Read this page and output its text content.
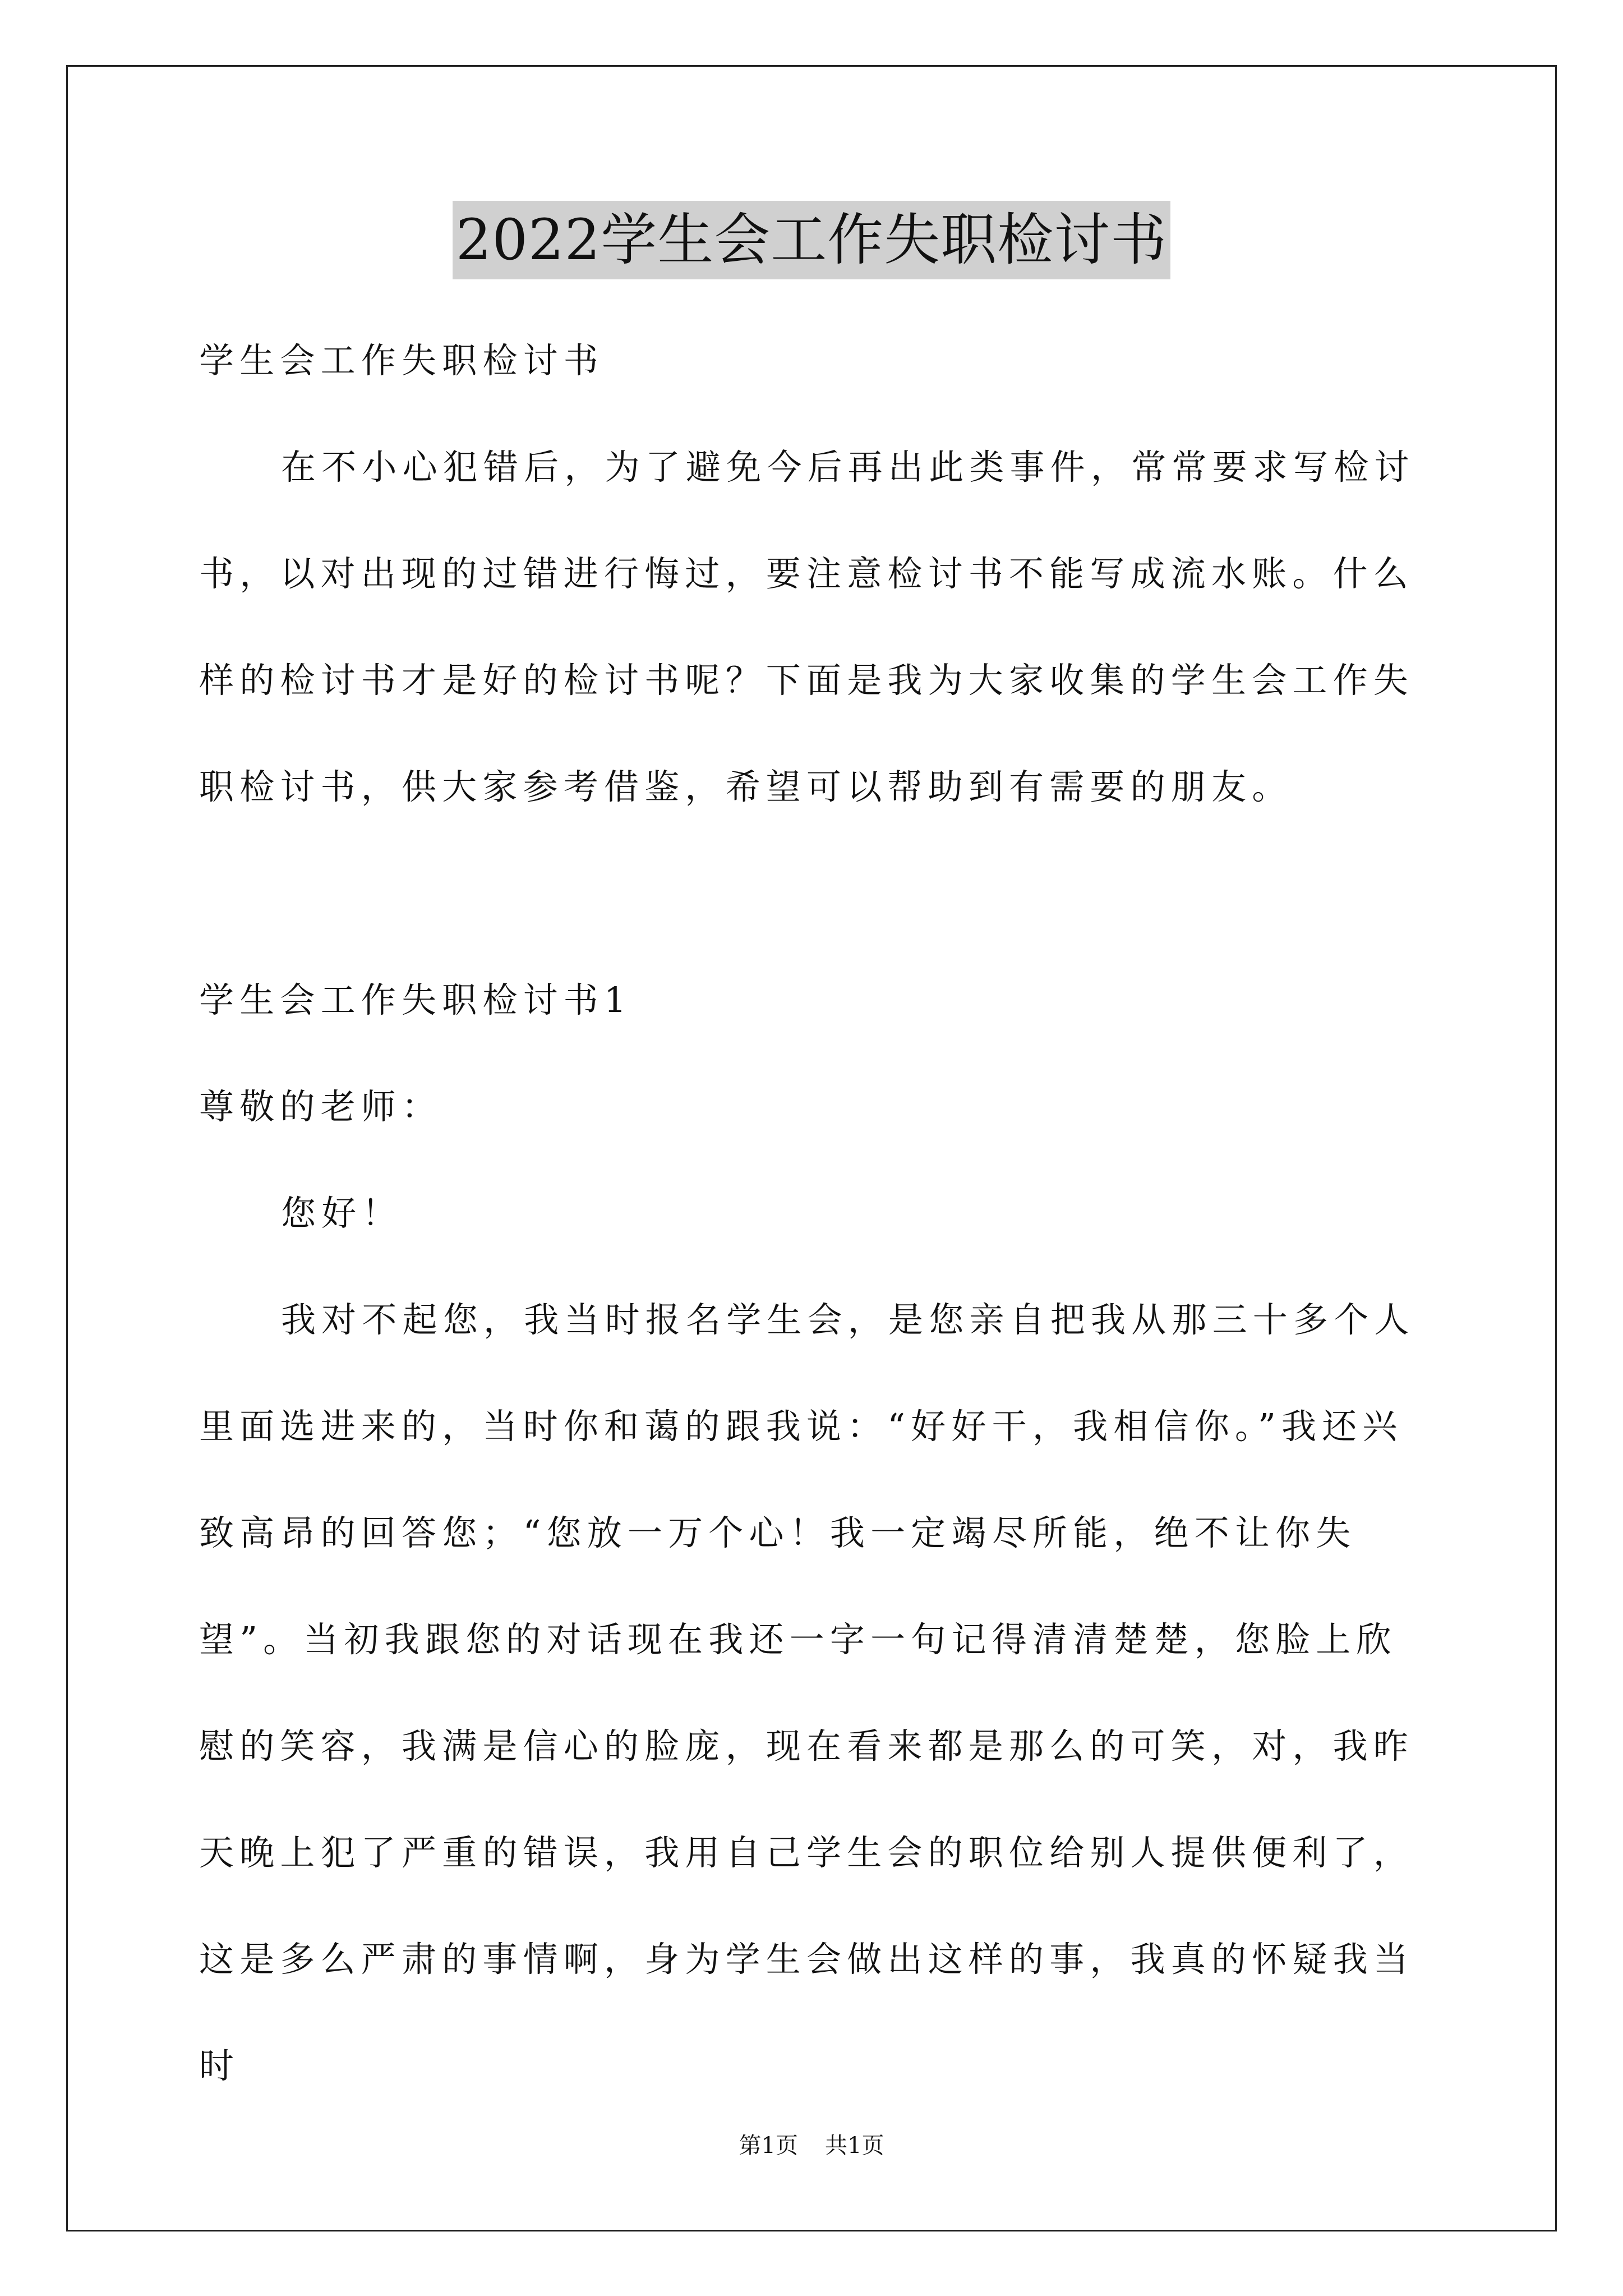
2022学生会工作失职检讨书

学生会工作失职检讨书

在不小心犯错后，为了避免今后再出此类事件，常常要求写检讨书，以对出现的过错进行悔过，要注意检讨书不能写成流水账。什么样的检讨书才是好的检讨书呢？下面是我为大家收集的学生会工作失职检讨书，供大家参考借鉴，希望可以帮助到有需要的朋友。

学生会工作失职检讨书1

尊敬的老师：

您好！

我对不起您，我当时报名学生会，是您亲自把我从那三十多个人里面选进来的，当时你和蔼的跟我说：“好好干，我相信你。”我还兴致高昂的回答您；“您放一万个心！我一定竭尽所能，绝不让你失望”。当初我跟您的对话现在我还一字一句记得清清楚楚，您脸上欣慰的笑容，我满是信心的脸庞，现在看来都是那么的可笑，对，我昨天晚上犯了严重的错误，我用自己学生会的职位给别人提供便利了，这是多么严肃的事情啊，身为学生会做出这样的事，我真的怀疑我当时

第1页 共1页
